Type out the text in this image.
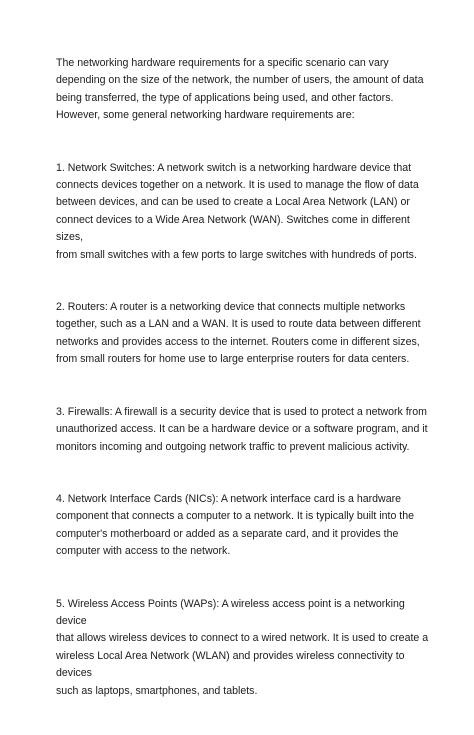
The networking hardware requirements for a specific scenario can vary
depending on the size of the network, the number of users, the amount of data
being transferred, the type of applications being used, and other factors.
However, some general networking hardware requirements are:

1. Network Switches: A network switch is a networking hardware device that
connects devices together on a network. It is used to manage the flow of data
between devices, and can be used to create a Local Area Network (LAN) or
connect devices to a Wide Area Network (WAN). Switches come in different sizes,
from small switches with a few ports to large switches with hundreds of ports.

2. Routers: A router is a networking device that connects multiple networks
together, such as a LAN and a WAN. It is used to route data between different
networks and provides access to the internet. Routers come in different sizes,
from small routers for home use to large enterprise routers for data centers.

3. Firewalls: A firewall is a security device that is used to protect a network from
unauthorized access. It can be a hardware device or a software program, and it
monitors incoming and outgoing network traffic to prevent malicious activity.

4. Network Interface Cards (NICs): A network interface card is a hardware
component that connects a computer to a network. It is typically built into the
computer's motherboard or added as a separate card, and it provides the
computer with access to the network.

5. Wireless Access Points (WAPs): A wireless access point is a networking device
that allows wireless devices to connect to a wired network. It is used to create a
wireless Local Area Network (WLAN) and provides wireless connectivity to devices
such as laptops, smartphones, and tablets.
